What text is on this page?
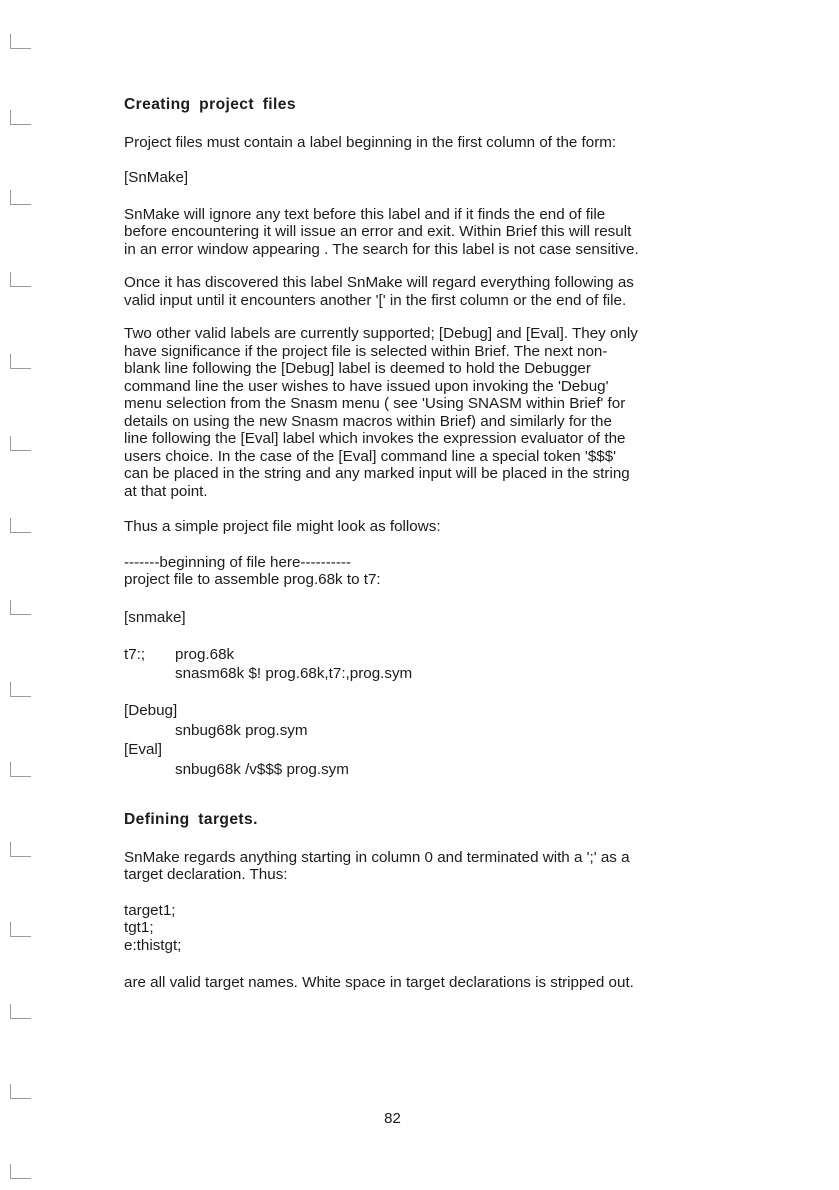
Creating project files

Project files must contain a label beginning in the first column of the form:

[SnMake]

SnMake will ignore any text before this label and if it finds the end of file

before encountering it will issue an error and exit. Within Brief this will result

in an error window appearing . The search for this label is not case sensitive.

Once it has discovered this label SnMake will regard everything following as

valid input until it encounters another '[' in the first column or the end of file.

Two other valid labels are currently supported; [Debug] and [Eval]. They only

have significance if the project file is selected within Brief. The next non-

blank line following the [Debug] label is deemed to hold the Debugger

command line the user wishes to have issued upon invoking the 'Debug'

menu selection from the Snasm menu ( see 'Using SNASM within Brief' for

details on using the new Snasm macros within Brief) and similarly for the

line following the [Eval] label which invokes the expression evaluator of the

users choice. In the case of the [Eval] command line a special token '$$$'

can be placed in the string and any marked input will be placed in the string

at that point.

Thus a simple project file might look as follows:

-------beginning of file here----------

project file to assemble prog.68k to t7:

[snmake]

t7:;	prog.68k

snasm68k $! prog.68k,t7:,prog.sym

[Debug]

snbug68k prog.sym

[Eval]

snbug68k /v$$$ prog.sym

Defining targets.

SnMake regards anything starting in column 0 and terminated with a ';' as a

target declaration. Thus:

target1;

tgt1;

e:thistgt;

are all valid target names. White space in target declarations is stripped out.

82
